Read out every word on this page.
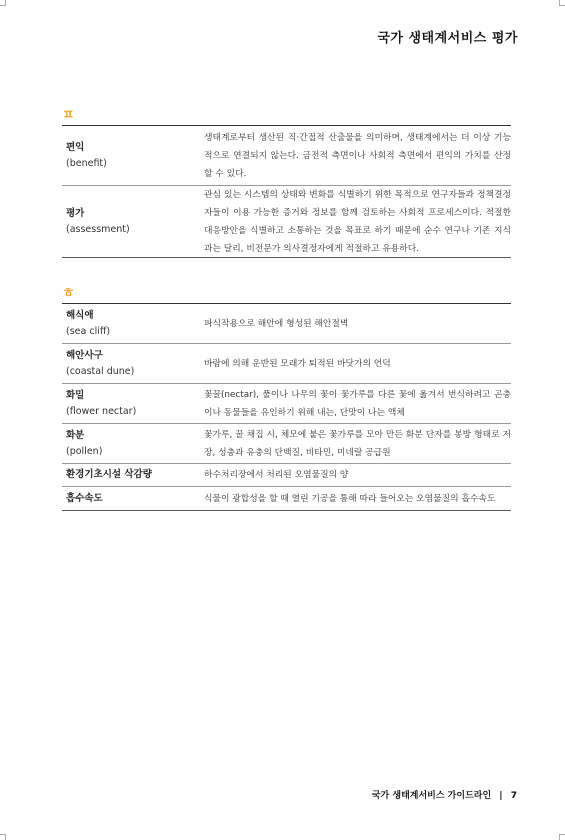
국가 생태계서비스 평가
ㅍ
편익
(benefit)
생태계로부터 생산된 직·간접적 산출물을 의미하며, 생태계에서는 더 이상 기능적으로 연결되지 않는다. 금전적 측면이나 사회적 측면에서 편익의 가치를 산정할 수 있다.
평가
(assessment)
관심 있는 시스템의 상태와 변화를 식별하기 위한 목적으로 연구자들과 정책결정자들이 이용 가능한 증거와 정보를 함께 검토하는 사회적 프로세스이다. 적절한 대응방안을 식별하고 소통하는 것을 목표로 하기 때문에 순수 연구나 기존 지식과는 달리, 비전문가 의사결정자에게 적절하고 유용하다.
ㅎ
해식애
(sea cliff)
파식작용으로 해안에 형성된 해안절벽
해안사구
(coastal dune)
바람에 의해 운반된 모래가 퇴적된 바닷가의 언덕
화밀
(flower nectar)
꽃꿀(nectar), 풀이나 나무의 꽃이 꽃가루를 다른 꽃에 옮겨서 번식하려고 곤충이나 동물들을 유인하기 위해 내는, 단맛이 나는 액체
화분
(pollen)
꽃가루, 꿀 채집 시, 체모에 붙은 꽃가루를 모아 만든 화분 단자를 봉방 형태로 저장, 성충과 유충의 단백질, 비타민, 미네랄 공급원
환경기초시설 삭감량	하수처리장에서 처리된 오염물질의 양
흡수속도	식물이 광합성을 할 때 열린 기공을 통해 따라 들어오는 오염물질의 흡수속도
국가 생태계서비스 가이드라인 | 7
